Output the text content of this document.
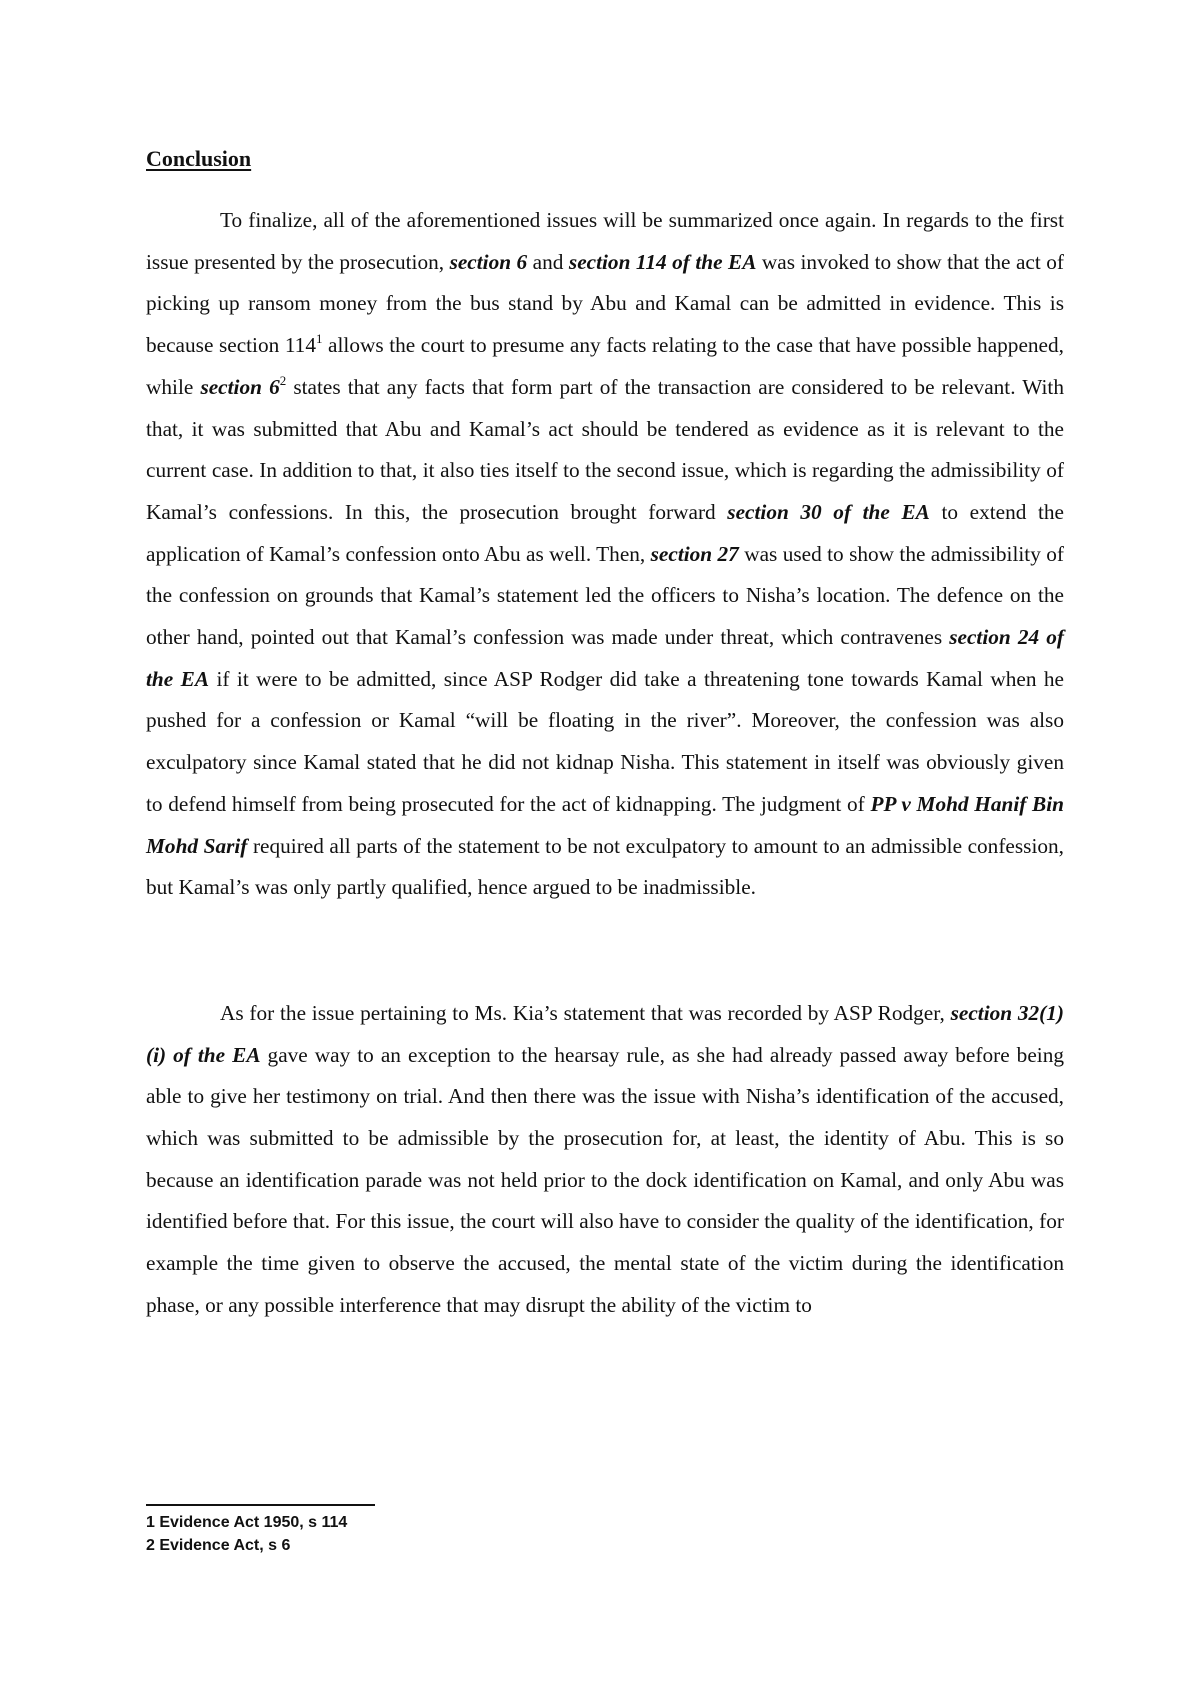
Conclusion

To finalize, all of the aforementioned issues will be summarized once again. In regards to the first issue presented by the prosecution, section 6 and section 114 of the EA was invoked to show that the act of picking up ransom money from the bus stand by Abu and Kamal can be admitted in evidence. This is because section $114^1$ allows the court to presume any facts relating to the case that have possible happened, while section $6^2$ states that any facts that form part of the transaction are considered to be relevant. With that, it was submitted that Abu and Kamal’s act should be tendered as evidence as it is relevant to the current case. In addition to that, it also ties itself to the second issue, which is regarding the admissibility of Kamal’s confessions. In this, the prosecution brought forward section 30 of the EA to extend the application of Kamal’s confession onto Abu as well. Then, section 27 was used to show the admissibility of the confession on grounds that Kamal’s statement led the officers to Nisha’s location. The defence on the other hand, pointed out that Kamal’s confession was made under threat, which contravenes section 24 of the EA if it were to be admitted, since ASP Rodger did take a threatening tone towards Kamal when he pushed for a confession or Kamal “will be floating in the river”. Moreover, the confession was also exculpatory since Kamal stated that he did not kidnap Nisha. This statement in itself was obviously given to defend himself from being prosecuted for the act of kidnapping. The judgment of PP v Mohd Hanif Bin Mohd Sarif required all parts of the statement to be not exculpatory to amount to an admissible confession, but Kamal’s was only partly qualified, hence argued to be inadmissible.

As for the issue pertaining to Ms. Kia’s statement that was recorded by ASP Rodger, section 32(1)(i) of the EA gave way to an exception to the hearsay rule, as she had already passed away before being able to give her testimony on trial. And then there was the issue with Nisha’s identification of the accused, which was submitted to be admissible by the prosecution for, at least, the identity of Abu. This is so because an identification parade was not held prior to the dock identification on Kamal, and only Abu was identified before that. For this issue, the court will also have to consider the quality of the identification, for example the time given to observe the accused, the mental state of the victim during the identification phase, or any possible interference that may disrupt the ability of the victim to

1 Evidence Act 1950, s 114
2 Evidence Act, s 6
